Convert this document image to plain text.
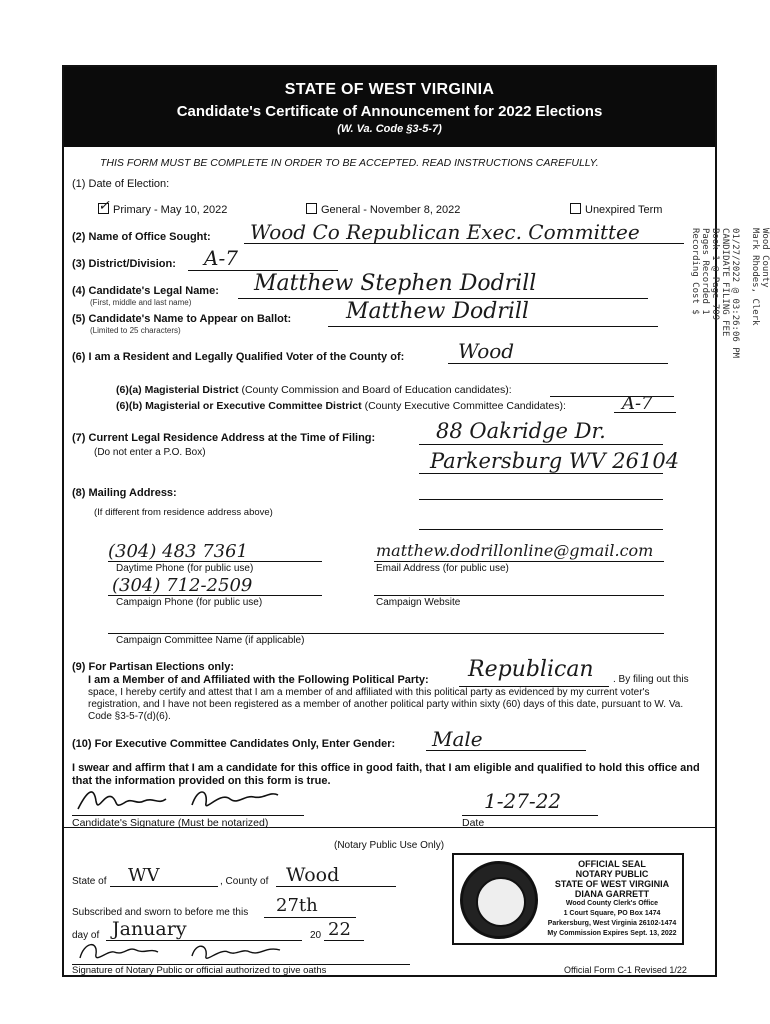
STATE OF WEST VIRGINIA
Candidate's Certificate of Announcement for 2022 Elections
(W. Va. Code §3-5-7)
THIS FORM MUST BE COMPLETE IN ORDER TO BE ACCEPTED. READ INSTRUCTIONS CAREFULLY.
(1) Date of Election:
✓ Primary - May 10, 2022	General - November 8, 2022	Unexpired Term
(2) Name of Office Sought: Wood Co Republican Exec. Committee
(3) District/Division: A-7
(4) Candidate's Legal Name:
(First, middle and last name)
Matthew Stephen Dodrill
(5) Candidate's Name to Appear on Ballot:
(Limited to 25 characters)
Matthew Dodrill
(6) I am a Resident and Legally Qualified Voter of the County of:	Wood
(6)(a) Magisterial District (County Commission and Board of Education candidates):
(6)(b) Magisterial or Executive Committee District (County Executive Committee Candidates):	A-7
(7) Current Legal Residence Address at the Time of Filing:
(Do not enter a P.O. Box)
88 Oakridge Dr.
Parkersburg WV 26104
(8) Mailing Address:
(If different from residence address above)
(304) 483 7361
Daytime Phone (for public use)
matthew.dodrillonline@gmail.com
Email Address (for public use)
(304) 712-2509
Campaign Phone (for public use)	Campaign Website
Campaign Committee Name (if applicable)
(9) For Partisan Elections only:
I am a Member of and Affiliated with the Following Political Party: Republican . By filing out this
space, I hereby certify and attest that I am a member of and affiliated with this political party as evidenced by my current voter's registration, and I have not been registered as a member of another political party within sixty (60) days of this date, pursuant to W. Va. Code §3-5-7(d)(6).
(10) For Executive Committee Candidates Only, Enter Gender: Male
I swear and affirm that I am a candidate for this office in good faith, that I am eligible and qualified to hold this office and that the information provided on this form is true.
Candidate's Signature (Must be notarized)
1-27-22
Date
(Notary Public Use Only)
State of WV	, County of Wood
Subscribed and sworn to before me this 27th
day of January	20 22
Signature of Notary Public or official authorized to give oaths	Official Form C-1 Revised 1/22
OFFICIAL SEAL
NOTARY PUBLIC
STATE OF WEST VIRGINIA
DIANA GARRETT
Wood County Clerk's Office
1 Court Square, PO Box 1474
Parkersburg, West Virginia 26102-1474
My Commission Expires Sept. 13, 2022
Wood County
Mark Rhodes, Clerk
01/27/2022 @ 03:26:06 PM
CANDIDATE FILING FEE
Book 1 @ Page 709
Pages Recorded 1
Recording Cost $
